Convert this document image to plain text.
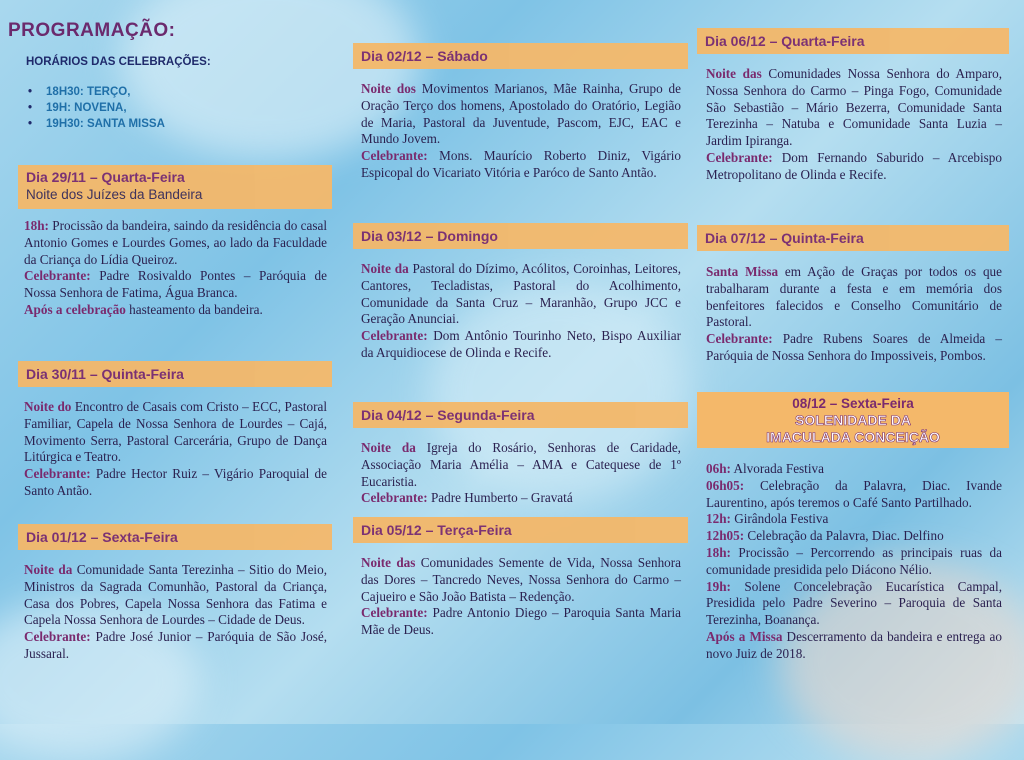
PROGRAMAÇÃO:
HORÁRIOS DAS CELEBRAÇÕES:
• 18H30: TERÇO,
• 19H: NOVENA,
• 19H30: SANTA MISSA
Dia 29/11 – Quarta-Feira
Noite dos Juízes da Bandeira

18h: Procissão da bandeira, saindo da residência do casal Antonio Gomes e Lourdes Gomes, ao lado da Faculdade da Criança do Lídia Queiroz.

Celebrante: Padre Rosivaldo Pontes – Paróquia de Nossa Senhora de Fatima, Água Branca.

Após a celebração hasteamento da bandeira.

Dia 30/11 – Quinta-Feira

Noite do Encontro de Casais com Cristo – ECC, Pastoral Familiar, Capela de Nossa Senhora de Lourdes – Cajá, Movimento Serra, Pastoral Carcerária, Grupo de Dança Litúrgica e Teatro.

Celebrante: Padre Hector Ruiz – Vigário Paroquial de Santo Antão.

Dia 01/12 – Sexta-Feira

Noite da Comunidade Santa Terezinha – Sitio do Meio, Ministros da Sagrada Comunhão, Pastoral da Criança, Casa dos Pobres, Capela Nossa Senhora das Fatima e Capela Nossa Senhora de Lourdes – Cidade de Deus.

Celebrante: Padre José Junior – Paróquia de São José, Jussaral.

Dia 02/12 – Sábado

Noite dos Movimentos Marianos, Mãe Rainha, Grupo de Oração Terço dos homens, Apostolado do Oratório, Legião de Maria, Pastoral da Juventude, Pascom, EJC, EAC e Mundo Jovem.

Celebrante: Mons. Maurício Roberto Diniz, Vigário Espicopal do Vicariato Vitória e Paróco de Santo Antão.

Dia 03/12 – Domingo

Noite da Pastoral do Dízimo, Acólitos, Coroinhas, Leitores, Cantores, Tecladistas, Pastoral do Acolhimento, Comunidade da Santa Cruz – Maranhão, Grupo JCC e Geração Anunciai.

Celebrante: Dom Antônio Tourinho Neto, Bispo Auxiliar da Arquidiocese de Olinda e Recife.

Dia 04/12 – Segunda-Feira

Noite da Igreja do Rosário, Senhoras de Caridade, Associação Maria Amélia – AMA e Catequese de 1º Eucaristia.

Celebrante: Padre Humberto – Gravatá

Dia 05/12 – Terça-Feira

Noite das Comunidades Semente de Vida, Nossa Senhora das Dores – Tancredo Neves, Nossa Senhora do Carmo – Cajueiro e São João Batista – Redenção.

Celebrante: Padre Antonio Diego – Paroquia Santa Maria Mãe de Deus.

Dia 06/12 – Quarta-Feira

Noite das Comunidades Nossa Senhora do Amparo, Nossa Senhora do Carmo – Pinga Fogo, Comunidade São Sebastião – Mário Bezerra, Comunidade Santa Terezinha – Natuba e Comunidade Santa Luzia – Jardim Ipiranga.

Celebrante: Dom Fernando Saburido – Arcebispo Metropolitano de Olinda e Recife.

Dia 07/12 – Quinta-Feira

Santa Missa em Ação de Graças por todos os que trabalharam durante a festa e em memória dos benfeitores falecidos e Conselho Comunitário de Pastoral.

Celebrante: Padre Rubens Soares de Almeida – Paróquia de Nossa Senhora do Impossiveis, Pombos.

08/12 – Sexta-Feira
SOLENIDADE DA
IMACULADA CONCEIÇÃO

06h: Alvorada Festiva

06h05: Celebração da Palavra, Diac. Ivande Laurentino, após teremos o Café Santo Partilhado.

12h: Girândola Festiva

12h05: Celebração da Palavra, Diac. Delfino

18h: Procissão – Percorrendo as principais ruas da comunidade presidida pelo Diácono Nélio.

19h: Solene Concelebração Eucarística Campal, Presidida pelo Padre Severino – Paroquia de Santa Terezinha, Boanança.

Após a Missa Descerramento da bandeira e entrega ao novo Juiz de 2018.
